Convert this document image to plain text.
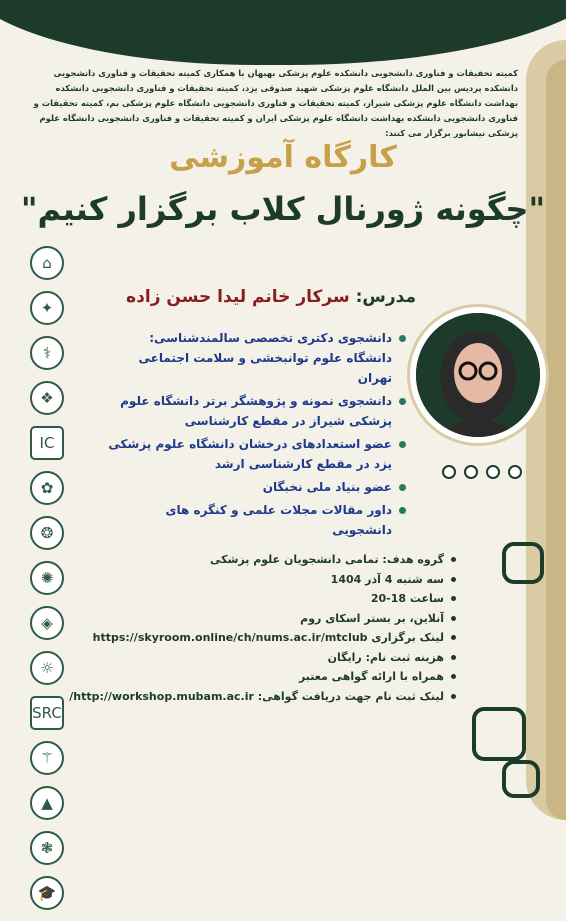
کمیته تحقیقات و فناوری دانشجویی دانشکده علوم پزشکی بهبهان با همکاری کمیته تحقیقات و فناوری دانشجویی دانشکده پردیس بین الملل دانشگاه علوم پزشکی شهید صدوقی یزد، کمیته تحقیقات و فناوری دانشجویی دانشکده بهداشت دانشگاه علوم پزشکی شیراز، کمیته تحقیقات و فناوری دانشجویی دانشگاه علوم پزشکی بم، کمیته تحقیقات و فناوری دانشجویی دانشکده بهداشت دانشگاه علوم پزشکی ایران و کمیته تحقیقات و فناوری دانشجویی دانشگاه علوم پزشکی نیشابور برگزار می کنند:
کارگاه آموزشی
"چگونه ژورنال کلاب برگزار کنیم"
⌂
✦
⚕
❖
IC
✿
❂
✺
◈
☼
SRC
⚚
▲
❃
🎓
مدرس: سرکار خانم لیدا حسن زاده
دانشجوی دکتری تخصصی سالمندشناسی: دانشگاه علوم توانبخشی و سلامت اجتماعی تهران
دانشجوی نمونه و پژوهشگر برتر دانشگاه علوم پزشکی شیراز در مقطع کارشناسی
عضو استعدادهای درخشان دانشگاه علوم پزشکی یزد در مقطع کارشناسی ارشد
عضو بنیاد ملی نخبگان
داور مقالات مجلات علمی و کنگره های دانشجویی
گروه هدف: تمامی دانشجویان علوم پزشکی
سه شنبه 4 آذر 1404
ساعت 18-20
آنلاین، بر بستر اسکای روم
لینک برگزاری https://skyroom.online/ch/nums.ac.ir/mtclub
هزینه ثبت نام: رایگان
همراه با ارائه گواهی معتبر
لینک ثبت نام جهت دریافت گواهی: http://workshop.mubam.ac.ir/
